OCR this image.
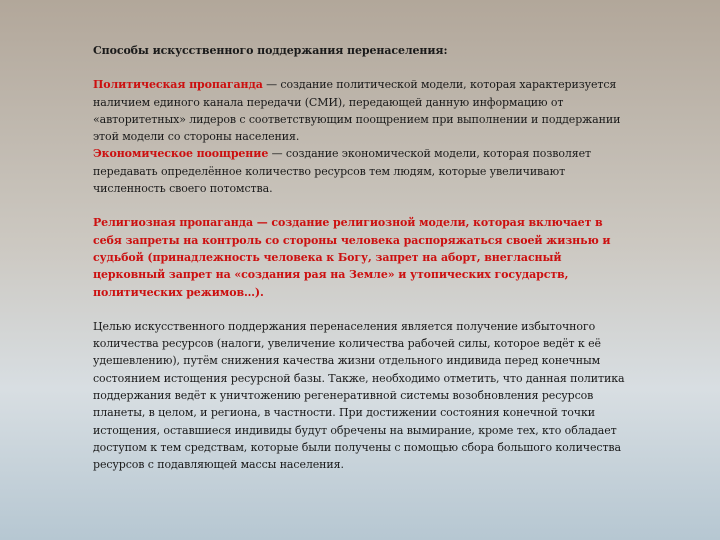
Способы искусственного поддержания перенаселения:

Политическая пропаганда — создание политической модели, которая характеризуется наличием единого канала передачи (СМИ), передающей данную информацию от «авторитетных» лидеров с соответствующим поощрением при выполнении и поддержании этой модели со стороны населения.

Экономическое поощрение — создание экономической модели, которая позволяет передавать определённое количество ресурсов тем людям, которые увеличивают численность своего потомства.

Религиозная пропаганда — создание религиозной модели, которая включает в себя запреты на контроль со стороны человека распоряжаться своей жизнью и судьбой (принадлежность человека к Богу, запрет на аборт, внегласный церковный запрет на «создания рая на Земле» и утопических государств, политических режимов…).

Целью искусственного поддержания перенаселения является получение избыточного количества ресурсов (налоги, увеличение количества рабочей силы, которое ведёт к её удешевлению), путём снижения качества жизни отдельного индивида перед конечным состоянием истощения ресурсной базы. Также, необходимо отметить, что данная политика поддержания ведёт к уничтожению регенеративной системы возобновления ресурсов планеты, в целом, и региона, в частности. При достижении состояния конечной точки истощения, оставшиеся индивиды будут обречены на вымирание, кроме тех, кто обладает доступом к тем средствам, которые были получены с помощью сбора большого количества ресурсов с подавляющей массы населения.
